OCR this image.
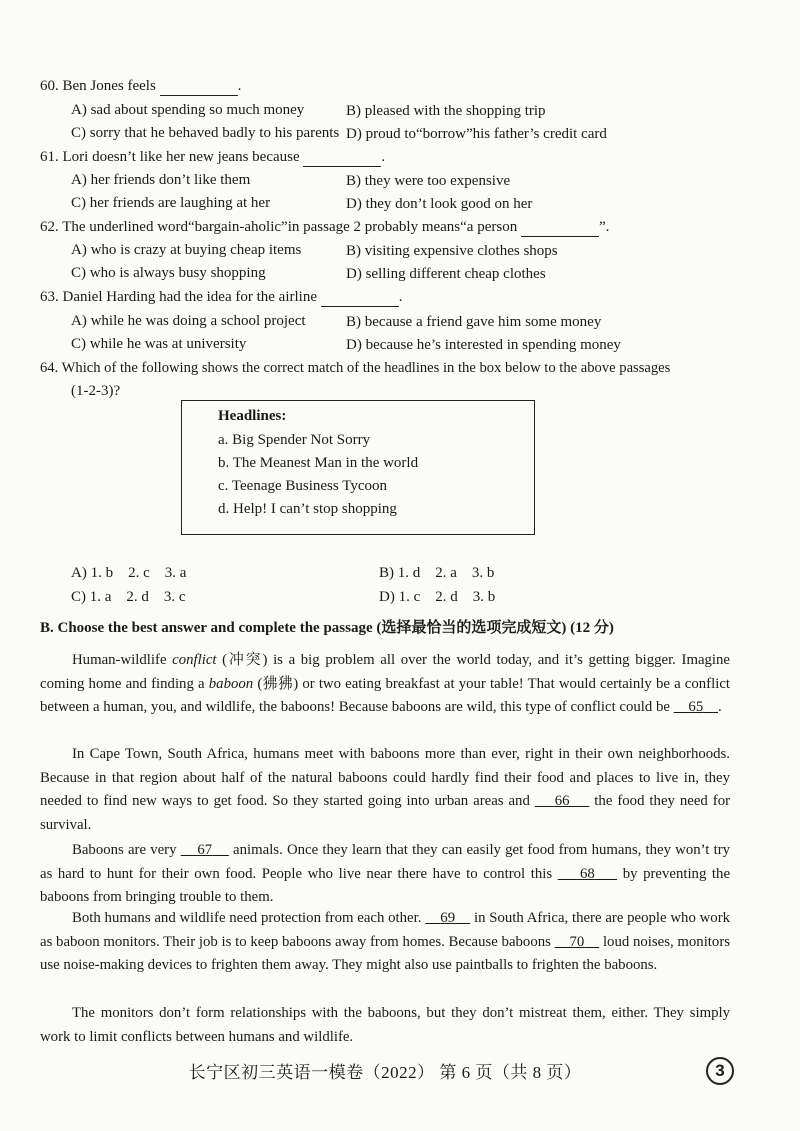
60. Ben Jones feels	.
A) sad about spending so much money	B) pleased with the shopping trip
C) sorry that he behaved badly to his parents D) proud to“borrow”his father’s credit card
61. Lori doesn’t like her new jeans because	.
A) her friends don’t like them	B) they were too expensive
C) her friends are laughing at her	D) they don’t look good on her
62. The underlined word“bargain-aholic”in passage 2 probably means“a person	”.
A) who is crazy at buying cheap items	B) visiting expensive clothes shops
C) who is always busy shopping	D) selling different cheap clothes
63. Daniel Harding had the idea for the airline	.
A) while he was doing a school project	B) because a friend gave him some money
C) while he was at university	D) because he’s interested in spending money
64. Which of the following shows the correct match of the headlines in the box below to the above passages
(1-2-3)?
Headlines:
a. Big Spender Not Sorry
b. The Meanest Man in the world
c. Teenage Business Tycoon
d. Help! I can’t stop shopping
A) 1. b    2. c    3. a	B) 1. d    2. a    3. b
C) 1. a    2. d    3. c	D) 1. c    2. d    3. b
B. Choose the best answer and complete the passage (选择最恰当的选项完成短文) (12 分)

Human-wildlife conflict (冲突) is a big problem all over the world today, and it’s getting bigger. Imagine coming home and finding a baboon (狒狒) or two eating breakfast at your table! That would certainly be a conflict between a human, you, and wildlife, the baboons! Because baboons are wild, this type of conflict could be     65 .

In Cape Town, South Africa, humans meet with baboons more than ever, right in their own neighborhoods. Because in that region about half of the natural baboons could hardly find their food and places to live in, they needed to find new ways to get food. So they started going into urban areas and     66     the food they need for survival.

Baboons are very     67     animals. Once they learn that they can easily get food from humans, they won’t try as hard to hunt for their own food. People who live near there have to control this     68     by preventing the baboons from bringing trouble to them.

Both humans and wildlife need protection from each other.     69     in South Africa, there are people who work as baboon monitors. Their job is to keep baboons away from homes. Because baboons     70     loud noises, monitors use noise-making devices to frighten them away. They might also use paintballs to frighten the baboons.

The monitors don’t form relationships with the baboons, but they don’t mistreat them, either. They simply work to limit conflicts between humans and wildlife.

长宁区初三英语一模卷（2022） 第 6 页（共 8 页）	3
